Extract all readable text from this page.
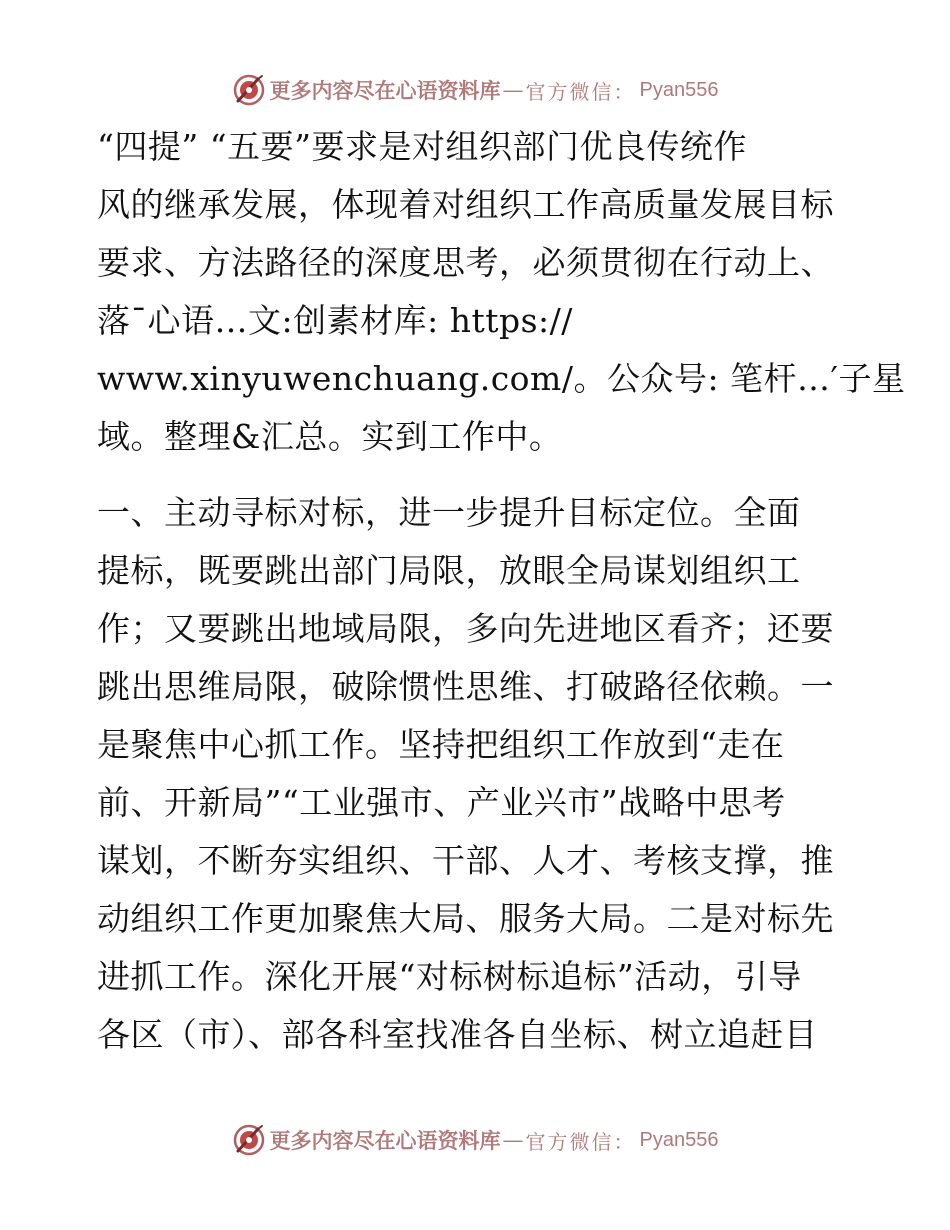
更多内容尽在心语资料库 — 官方微信： Pyan556
“四提” “五要”要求是对组织部门优良传统作
风的继承发展，体现着对组织工作高质量发展目标
要求、方法路径的深度思考，必须贯彻在行动上、
落¯心语…文:创素材库: https://
www.xinyuwenchuang.com/。公众号: 笔杆…′子星
域。整理&汇总。实到工作中。
一、主动寻标对标，进一步提升目标定位。全面
提标，既要跳出部门局限，放眼全局谋划组织工
作；又要跳出地域局限，多向先进地区看齐；还要
跳出思维局限，破除惯性思维、打破路径依赖。一
是聚焦中心抓工作。坚持把组织工作放到“走在
前、开新局”“工业强市、产业兴市”战略中思考
谋划，不断夯实组织、干部、人才、考核支撑，推
动组织工作更加聚焦大局、服务大局。二是对标先
进抓工作。深化开展“对标树标追标”活动，引导
各区（市）、部各科室找准各自坐标、树立追赶目
更多内容尽在心语资料库 — 官方微信： Pyan556
